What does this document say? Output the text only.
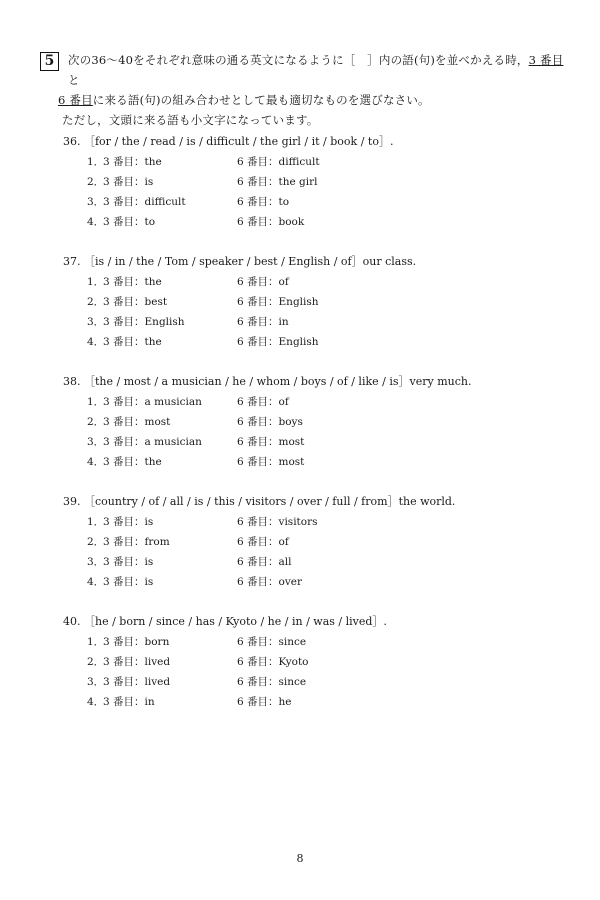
5	次の36～40をそれぞれ意味の通る英文になるように［　］内の語(句)を並べかえる時，3 番目と
6 番目に来る語(句)の組み合わせとして最も適切なものを選びなさい。
ただし，文頭に来る語も小文字になっています。
36. ［for / the / read / is / difficult / the girl / it / book / to］.
1．
3 番目：the	6 番目：difficult
2．
3 番目：is	6 番目：the girl
3．
3 番目：difficult	6 番目：to
4．
3 番目：to	6 番目：book
37. ［is / in / the / Tom / speaker / best / English / of］our class.
1．
3 番目：the	6 番目：of
2．
3 番目：best	6 番目：English
3．
3 番目：English	6 番目：in
4．
3 番目：the	6 番目：English
38. ［the / most / a musician / he / whom / boys / of / like / is］very much.
1．
3 番目：a musician	6 番目：of
2．
3 番目：most	6 番目：boys
3．
3 番目：a musician	6 番目：most
4．
3 番目：the	6 番目：most
39. ［country / of / all / is / this / visitors / over / full / from］the world.
1．
3 番目：is	6 番目：visitors
2．
3 番目：from	6 番目：of
3．
3 番目：is	6 番目：all
4．
3 番目：is	6 番目：over
40. ［he / born / since / has / Kyoto / he / in / was / lived］.
1．
3 番目：born	6 番目：since
2．
3 番目：lived	6 番目：Kyoto
3．
3 番目：lived	6 番目：since
4．
3 番目：in	6 番目：he
8
